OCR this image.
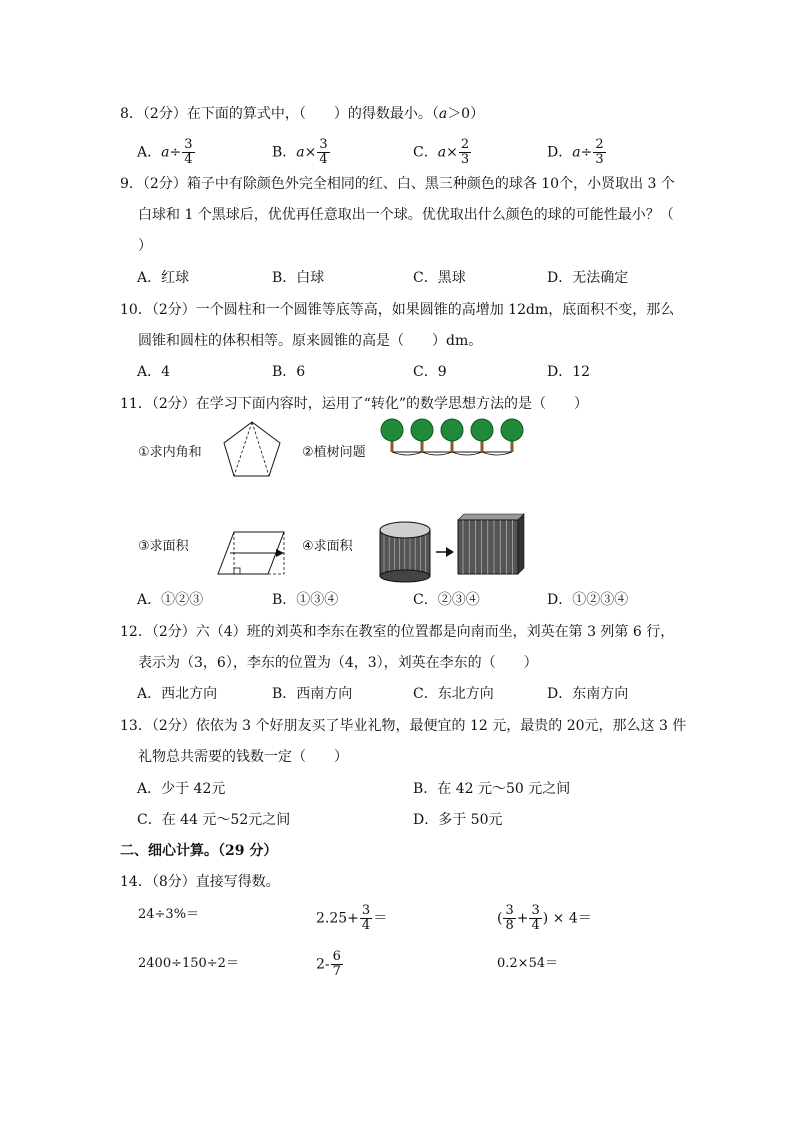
8．（2分）在下面的算式中，（　　）的得数最小。（a＞0）
A．$a\div \frac{3}{4}$	B．$a\times \frac{3}{4}$	C．$a\times \frac{2}{3}$	D．$a\div \frac{2}{3}$
9．（2分）箱子中有除颜色外完全相同的红、白、黑三种颜色的球各 10个，小贤取出 3 个
白球和 1 个黑球后，优优再任意取出一个球。优优取出什么颜色的球的可能性最小？（
）
A．红球	B．白球	C．黑球	D．无法确定
10．（2分）一个圆柱和一个圆锥等底等高，如果圆锥的高增加 12dm，底面积不变，那么
圆锥和圆柱的体积相等。原来圆锥的高是（　　）dm。
A．4	B．6	C．9	D．12
11．（2分）在学习下面内容时，运用了“转化”的数学思想方法的是（　　）
①求内角和	②植树问题
③求面积	④求面积
A．①②③	B．①③④	C．②③④	D．①②③④
12．（2分）六（4）班的刘英和李东在教室的位置都是向南而坐，刘英在第 3 列第 6 行，
表示为（3，6），李东的位置为（4，3），刘英在李东的（　　）
A．西北方向	B．西南方向	C．东北方向	D．东南方向
13．（2分）依依为 3 个好朋友买了毕业礼物，最便宜的 12 元，最贵的 20元，那么这 3 件
礼物总共需要的钱数一定（　　）
A．少于 42元	B．在 42 元～50 元之间
C．在 44 元～52元之间	D．多于 50元
二、细心计算。（29 分）
14．（8分）直接写得数。
24÷3%＝	$2.25+ \frac{3}{4}$ ＝	( $\frac{3}{8} + \frac{3}{4}$ ) × 4＝
2400÷150÷2＝	$2- \frac{6}{7}$	0.2×54＝
